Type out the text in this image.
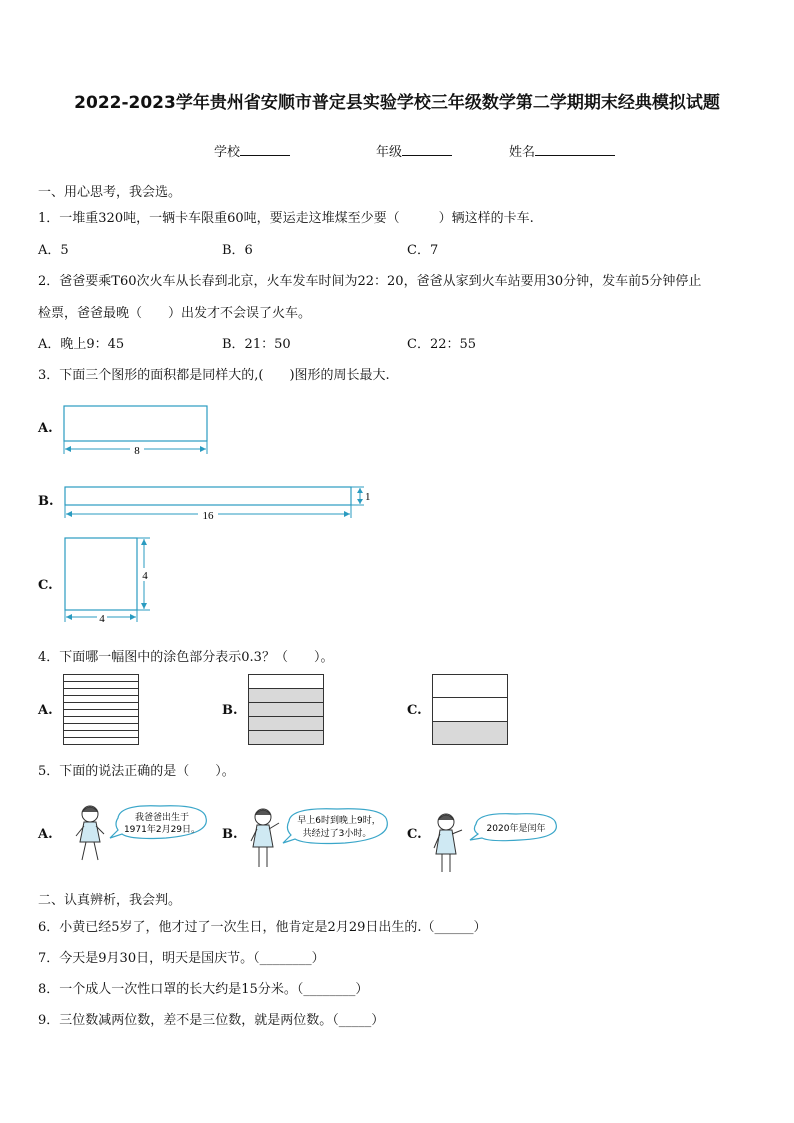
2022-2023学年贵州省安顺市普定县实验学校三年级数学第二学期期末经典模拟试题
学校	年级	姓名
一、用心思考，我会选。
1．一堆重320吨，一辆卡车限重60吨，要运走这堆煤至少要（　　　）辆这样的卡车.
A．5	B．6	C．7
2．爸爸要乘T60次火车从长春到北京，火车发车时间为22：20，爸爸从家到火车站要用30分钟，发车前5分钟停止
检票，爸爸最晚（　　）出发才不会误了火车。
A．晚上9：45	B．21：50	C．22：55
3．下面三个图形的面积都是同样大的,(　　)图形的周长最大.
A.
8
B.
16
1
C.
4
4
4．下面哪一幅图中的涂色部分表示0.3？（　　）。
A.	B.	C.
5．下面的说法正确的是（　　）。
A.
我爸爸出生于
1971年2月29日。 B.
早上6时到晚上9时，
共经过了3小时。	C.	2020年是闰年
二、认真辨析，我会判。
6．小黄已经5岁了，他才过了一次生日，他肯定是2月29日出生的.（______）
7．今天是9月30日，明天是国庆节。（________）
8．一个成人一次性口罩的长大约是15分米。（________）
9．三位数减两位数，差不是三位数，就是两位数。（_____）
